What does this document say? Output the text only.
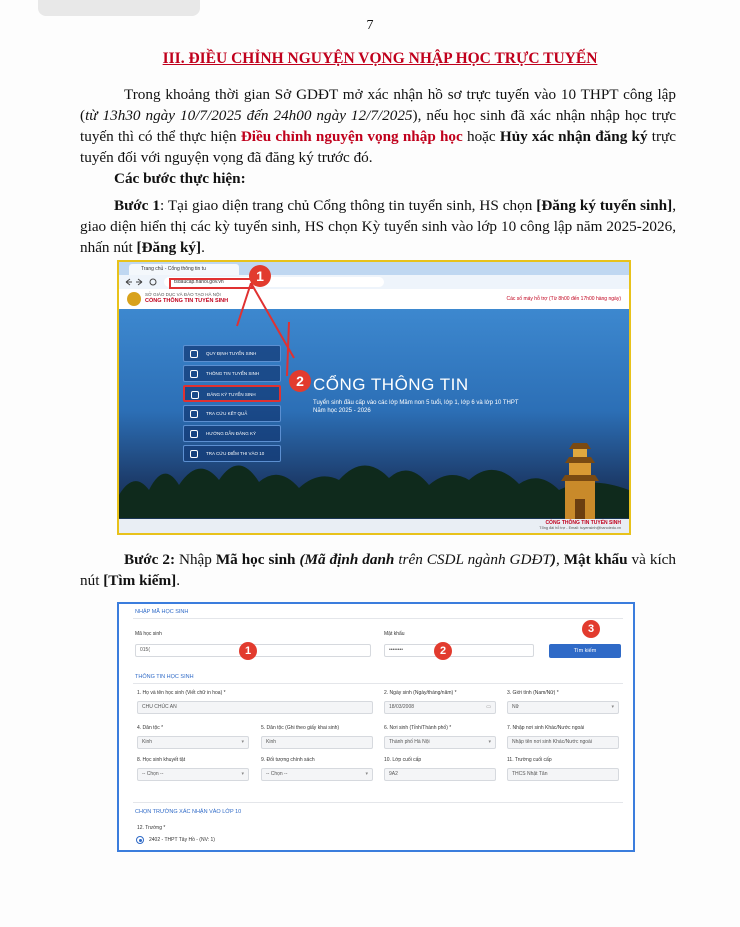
7
III. ĐIỀU CHỈNH NGUYỆN VỌNG NHẬP HỌC TRỰC TUYẾN
Trong khoảng thời gian Sở GDĐT mở xác nhận hồ sơ trực tuyến vào 10 THPT công lập (từ 13h30 ngày 10/7/2025 đến 24h00 ngày 12/7/2025), nếu học sinh đã xác nhận nhập học trực tuyến thì có thể thực hiện Điều chỉnh nguyện vọng nhập học hoặc Hủy xác nhận đăng ký trực tuyến đối với nguyện vọng đã đăng ký trước đó.
Các bước thực hiện:
Bước 1: Tại giao diện trang chủ Cổng thông tin tuyển sinh, HS chọn [Đăng ký tuyển sinh], giao diện hiển thị các kỳ tuyển sinh, HS chọn Kỳ tuyển sinh vào lớp 10 công lập năm 2025-2026, nhấn nút [Đăng ký].
Trang chủ - Cổng thông tin tu
tsdaucap.hanoi.gov.vn
SỞ GIÁO DỤC VÀ ĐÀO TẠO HÀ NỘI
CỔNG THÔNG TIN TUYỂN SINH	Các số máy hỗ trợ (Từ 8h00 đến 17h00 hàng ngày)
CỔNG THÔNG TIN
Tuyển sinh đầu cấp vào các lớp Mầm non 5 tuổi, lớp 1, lớp 6 và lớp 10 THPT
Năm học 2025 - 2026
QUY ĐỊNH TUYỂN SINH
THÔNG TIN TUYỂN SINH
ĐĂNG KÝ TUYỂN SINH
TRA CỨU KẾT QUẢ
HƯỚNG DẪN ĐĂNG KÝ
TRA CỨU ĐIỂM THI VÀO 10
CỔNG THÔNG TIN TUYỂN SINH
Tổng đài hỗ trợ - Email: tuyensinh@hanoiedu.vn
1
2
Bước 2: Nhập Mã học sinh (Mã định danh trên CSDL ngành GDĐT), Mật khẩu và kích nút [Tìm kiếm].
NHẬP MÃ HỌC SINH
Mã học sinh
015(
Mật khẩu
••••••••	Tìm kiếm
1	2
3
THÔNG TIN HỌC SINH
1. Họ và tên học sinh (Viết chữ in hoa) *
CHU CHÚC AN
2. Ngày sinh (Ngày/tháng/năm) *
18/03/2008	▭
3. Giới tính (Nam/Nữ) *
Nữ	▾
4. Dân tộc *
Kinh	▾
5. Dân tộc (Ghi theo giấy khai sinh)
Kinh
6. Nơi sinh (Tỉnh/Thành phố) *
Thành phố Hà Nội	▾
7. Nhập nơi sinh Khác/Nước ngoài
Nhập tên nơi sinh Khác/Nước ngoài
8. Học sinh khuyết tật
-- Chọn --	▾
9. Đối tượng chính sách
-- Chọn --	▾
10. Lớp cuối cấp
9A2
11. Trường cuối cấp
THCS Nhật Tân
CHỌN TRƯỜNG XÁC NHẬN VÀO LỚP 10
12. Trường *
2402 - THPT Tây Hồ - (NV: 1)
